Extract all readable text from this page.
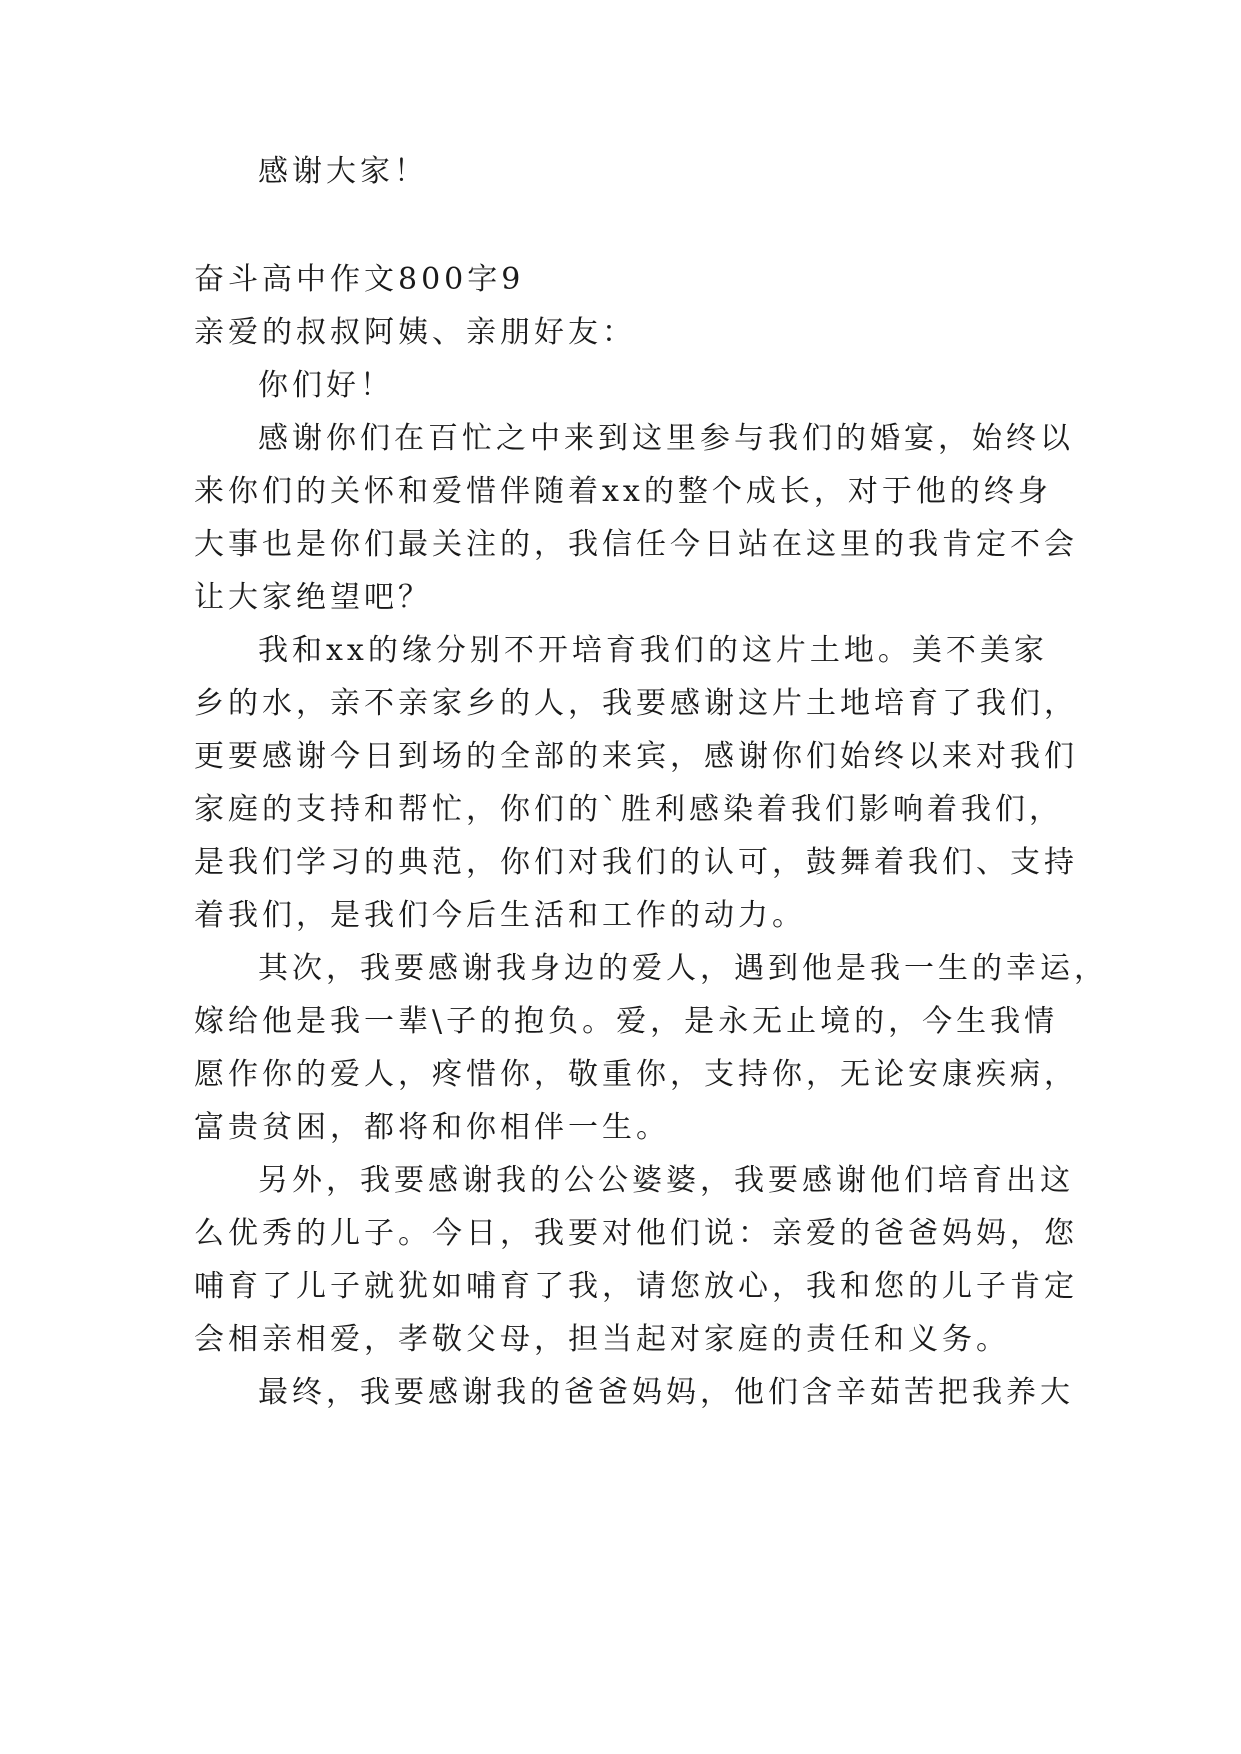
感谢大家！
奋斗高中作文800字9
亲爱的叔叔阿姨、亲朋好友：
你们好！
感谢你们在百忙之中来到这里参与我们的婚宴，始终以
来你们的关怀和爱惜伴随着xx的整个成长，对于他的终身
大事也是你们最关注的，我信任今日站在这里的我肯定不会
让大家绝望吧？
我和xx的缘分别不开培育我们的这片土地。美不美家
乡的水，亲不亲家乡的人，我要感谢这片土地培育了我们，
更要感谢今日到场的全部的来宾，感谢你们始终以来对我们
家庭的支持和帮忙，你们的`胜利感染着我们影响着我们，
是我们学习的典范，你们对我们的认可，鼓舞着我们、支持
着我们，是我们今后生活和工作的动力。
其次，我要感谢我身边的爱人，遇到他是我一生的幸运，
嫁给他是我一辈\子的抱负。爱，是永无止境的，今生我情
愿作你的爱人，疼惜你，敬重你，支持你，无论安康疾病，
富贵贫困，都将和你相伴一生。
另外，我要感谢我的公公婆婆，我要感谢他们培育出这
么优秀的儿子。今日，我要对他们说：亲爱的爸爸妈妈，您
哺育了儿子就犹如哺育了我，请您放心，我和您的儿子肯定
会相亲相爱，孝敬父母，担当起对家庭的责任和义务。
最终，我要感谢我的爸爸妈妈，他们含辛茹苦把我养大
